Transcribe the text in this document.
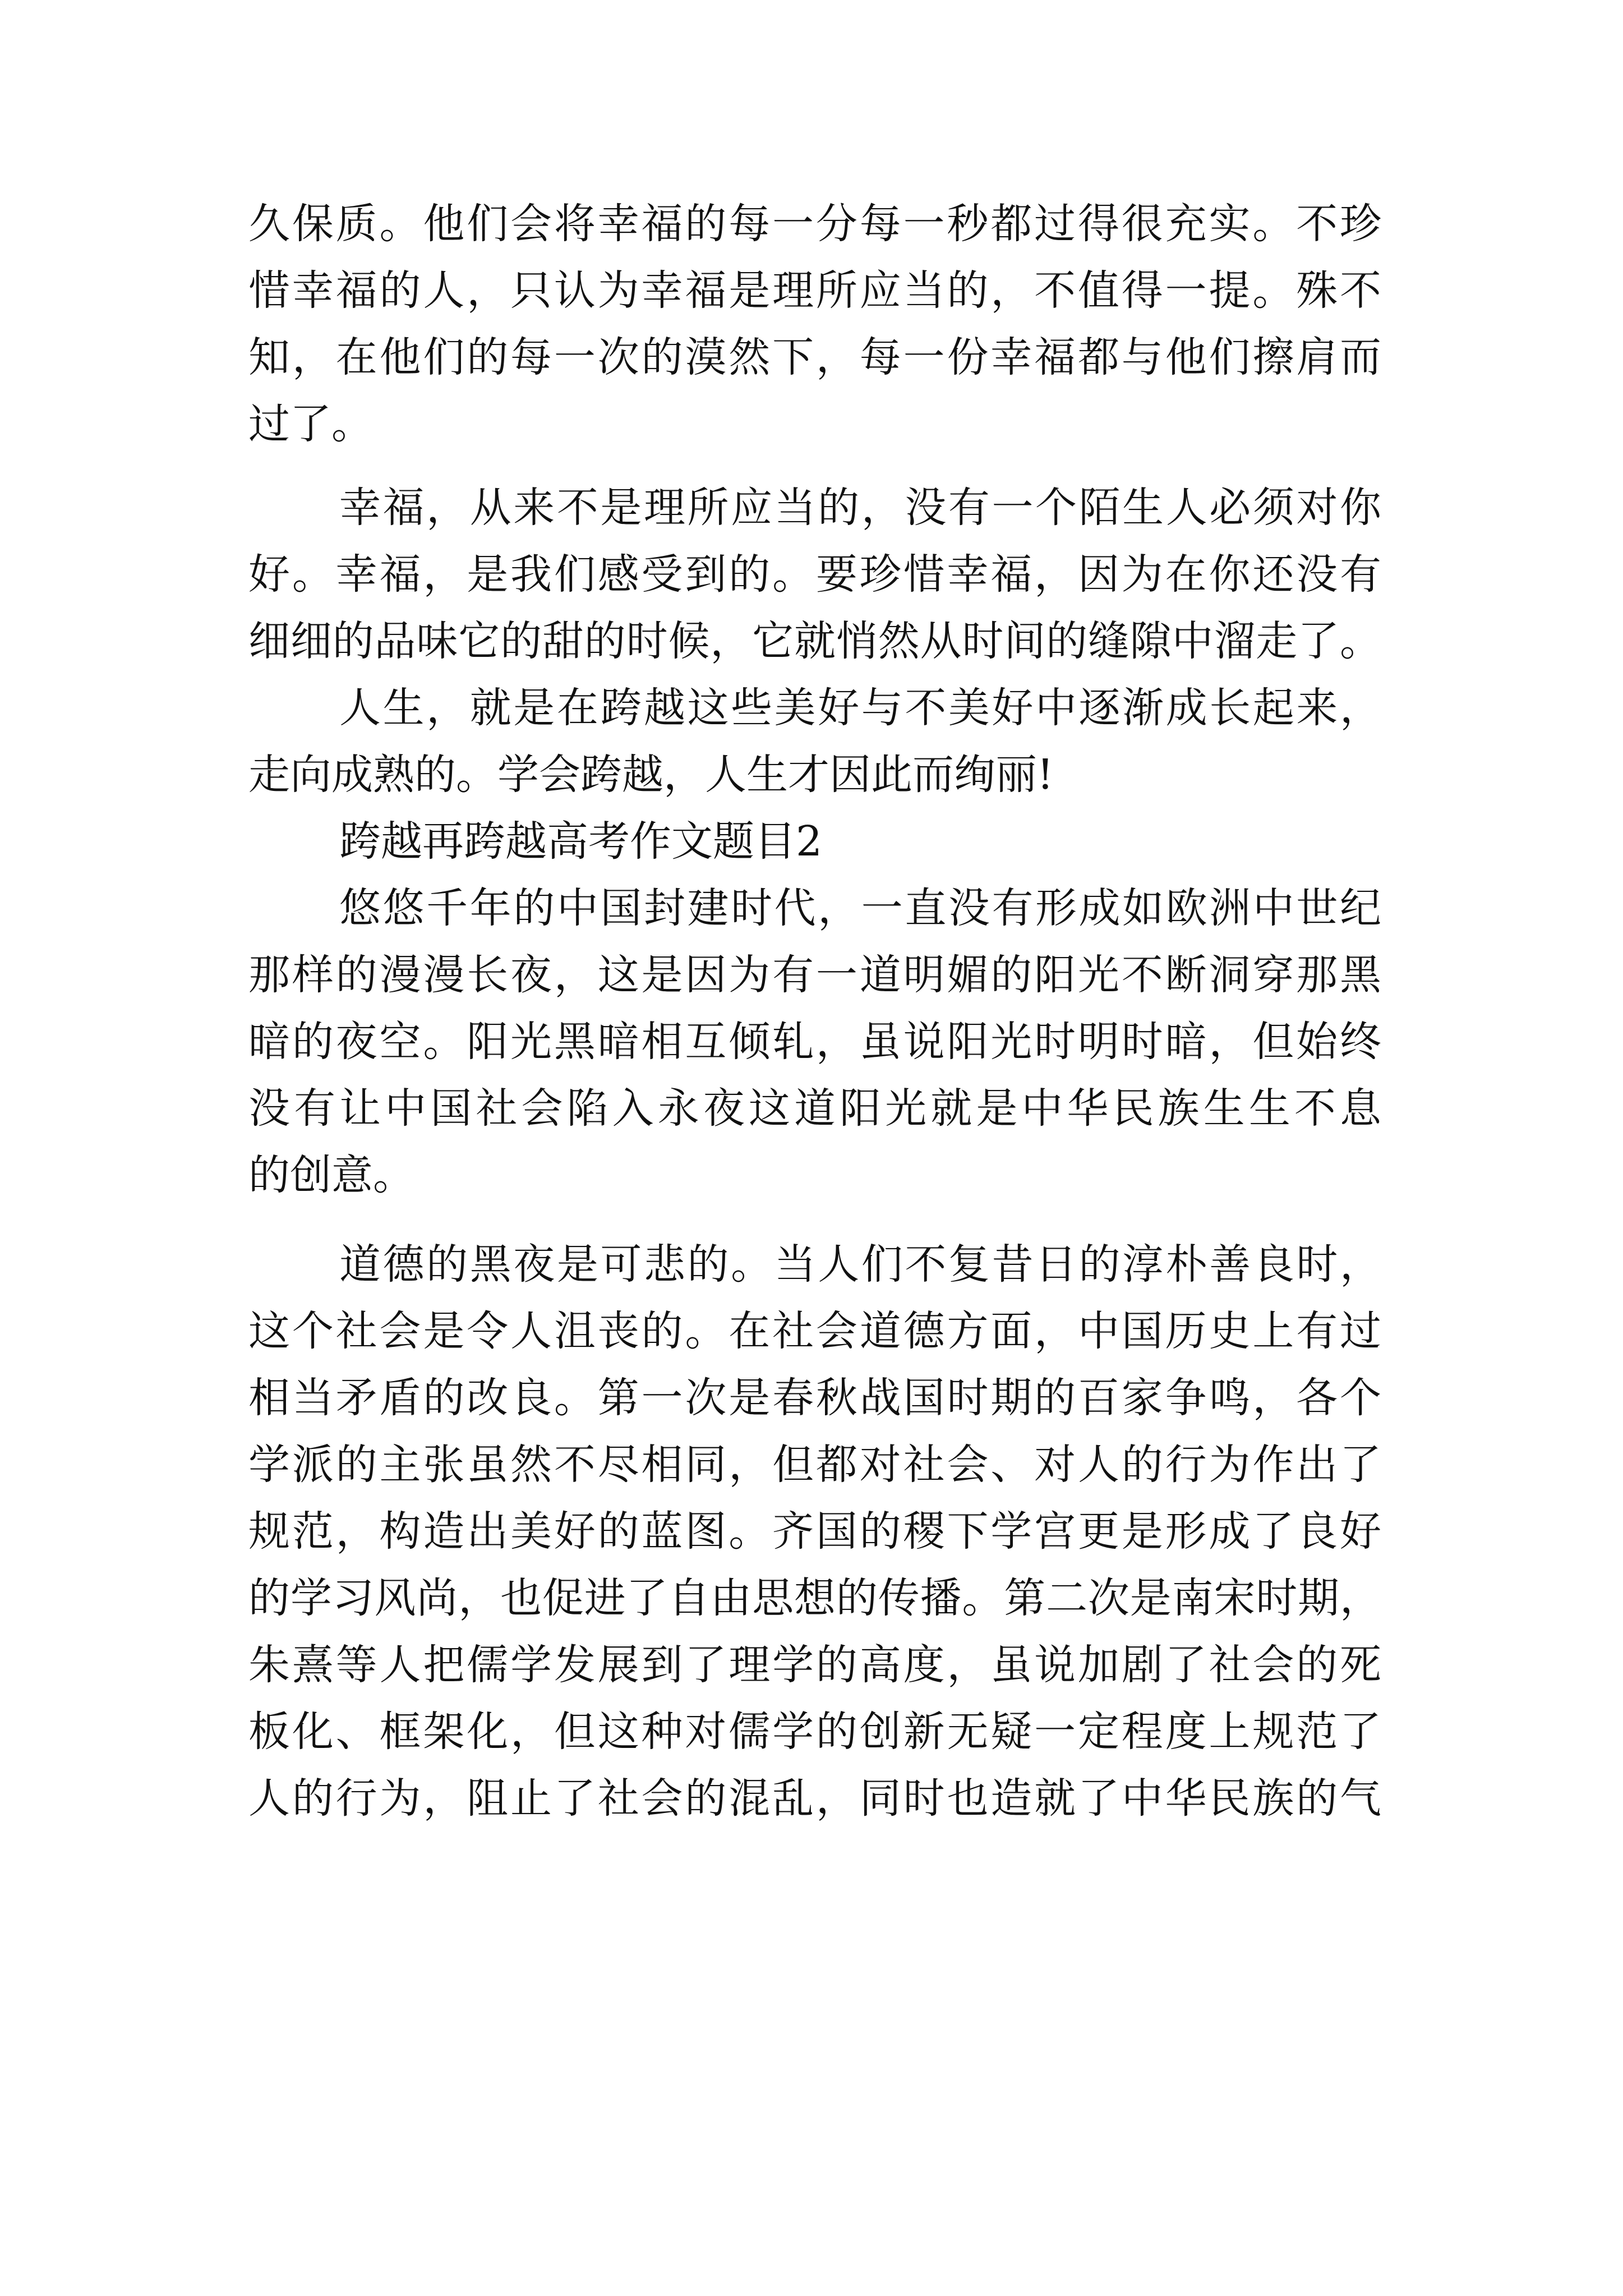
久保质。他们会将幸福的每一分每一秒都过得很充实。不珍
惜幸福的人，只认为幸福是理所应当的，不值得一提。殊不
知，在他们的每一次的漠然下，每一份幸福都与他们擦肩而
过了。
幸福，从来不是理所应当的，没有一个陌生人必须对你
好。幸福，是我们感受到的。要珍惜幸福，因为在你还没有
细细的品味它的甜的时候，它就悄然从时间的缝隙中溜走了。
人生，就是在跨越这些美好与不美好中逐渐成长起来，
走向成熟的。学会跨越，人生才因此而绚丽!
跨越再跨越高考作文题目2
悠悠千年的中国封建时代，一直没有形成如欧洲中世纪
那样的漫漫长夜，这是因为有一道明媚的阳光不断洞穿那黑
暗的夜空。阳光黑暗相互倾轧，虽说阳光时明时暗，但始终
没有让中国社会陷入永夜这道阳光就是中华民族生生不息
的创意。
道德的黑夜是可悲的。当人们不复昔日的淳朴善良时，
这个社会是令人沮丧的。在社会道德方面，中国历史上有过
相当矛盾的改良。第一次是春秋战国时期的百家争鸣，各个
学派的主张虽然不尽相同，但都对社会、对人的行为作出了
规范，构造出美好的蓝图。齐国的稷下学宫更是形成了良好
的学习风尚，也促进了自由思想的传播。第二次是南宋时期，
朱熹等人把儒学发展到了理学的高度，虽说加剧了社会的死
板化、框架化，但这种对儒学的创新无疑一定程度上规范了
人的行为，阻止了社会的混乱，同时也造就了中华民族的气
